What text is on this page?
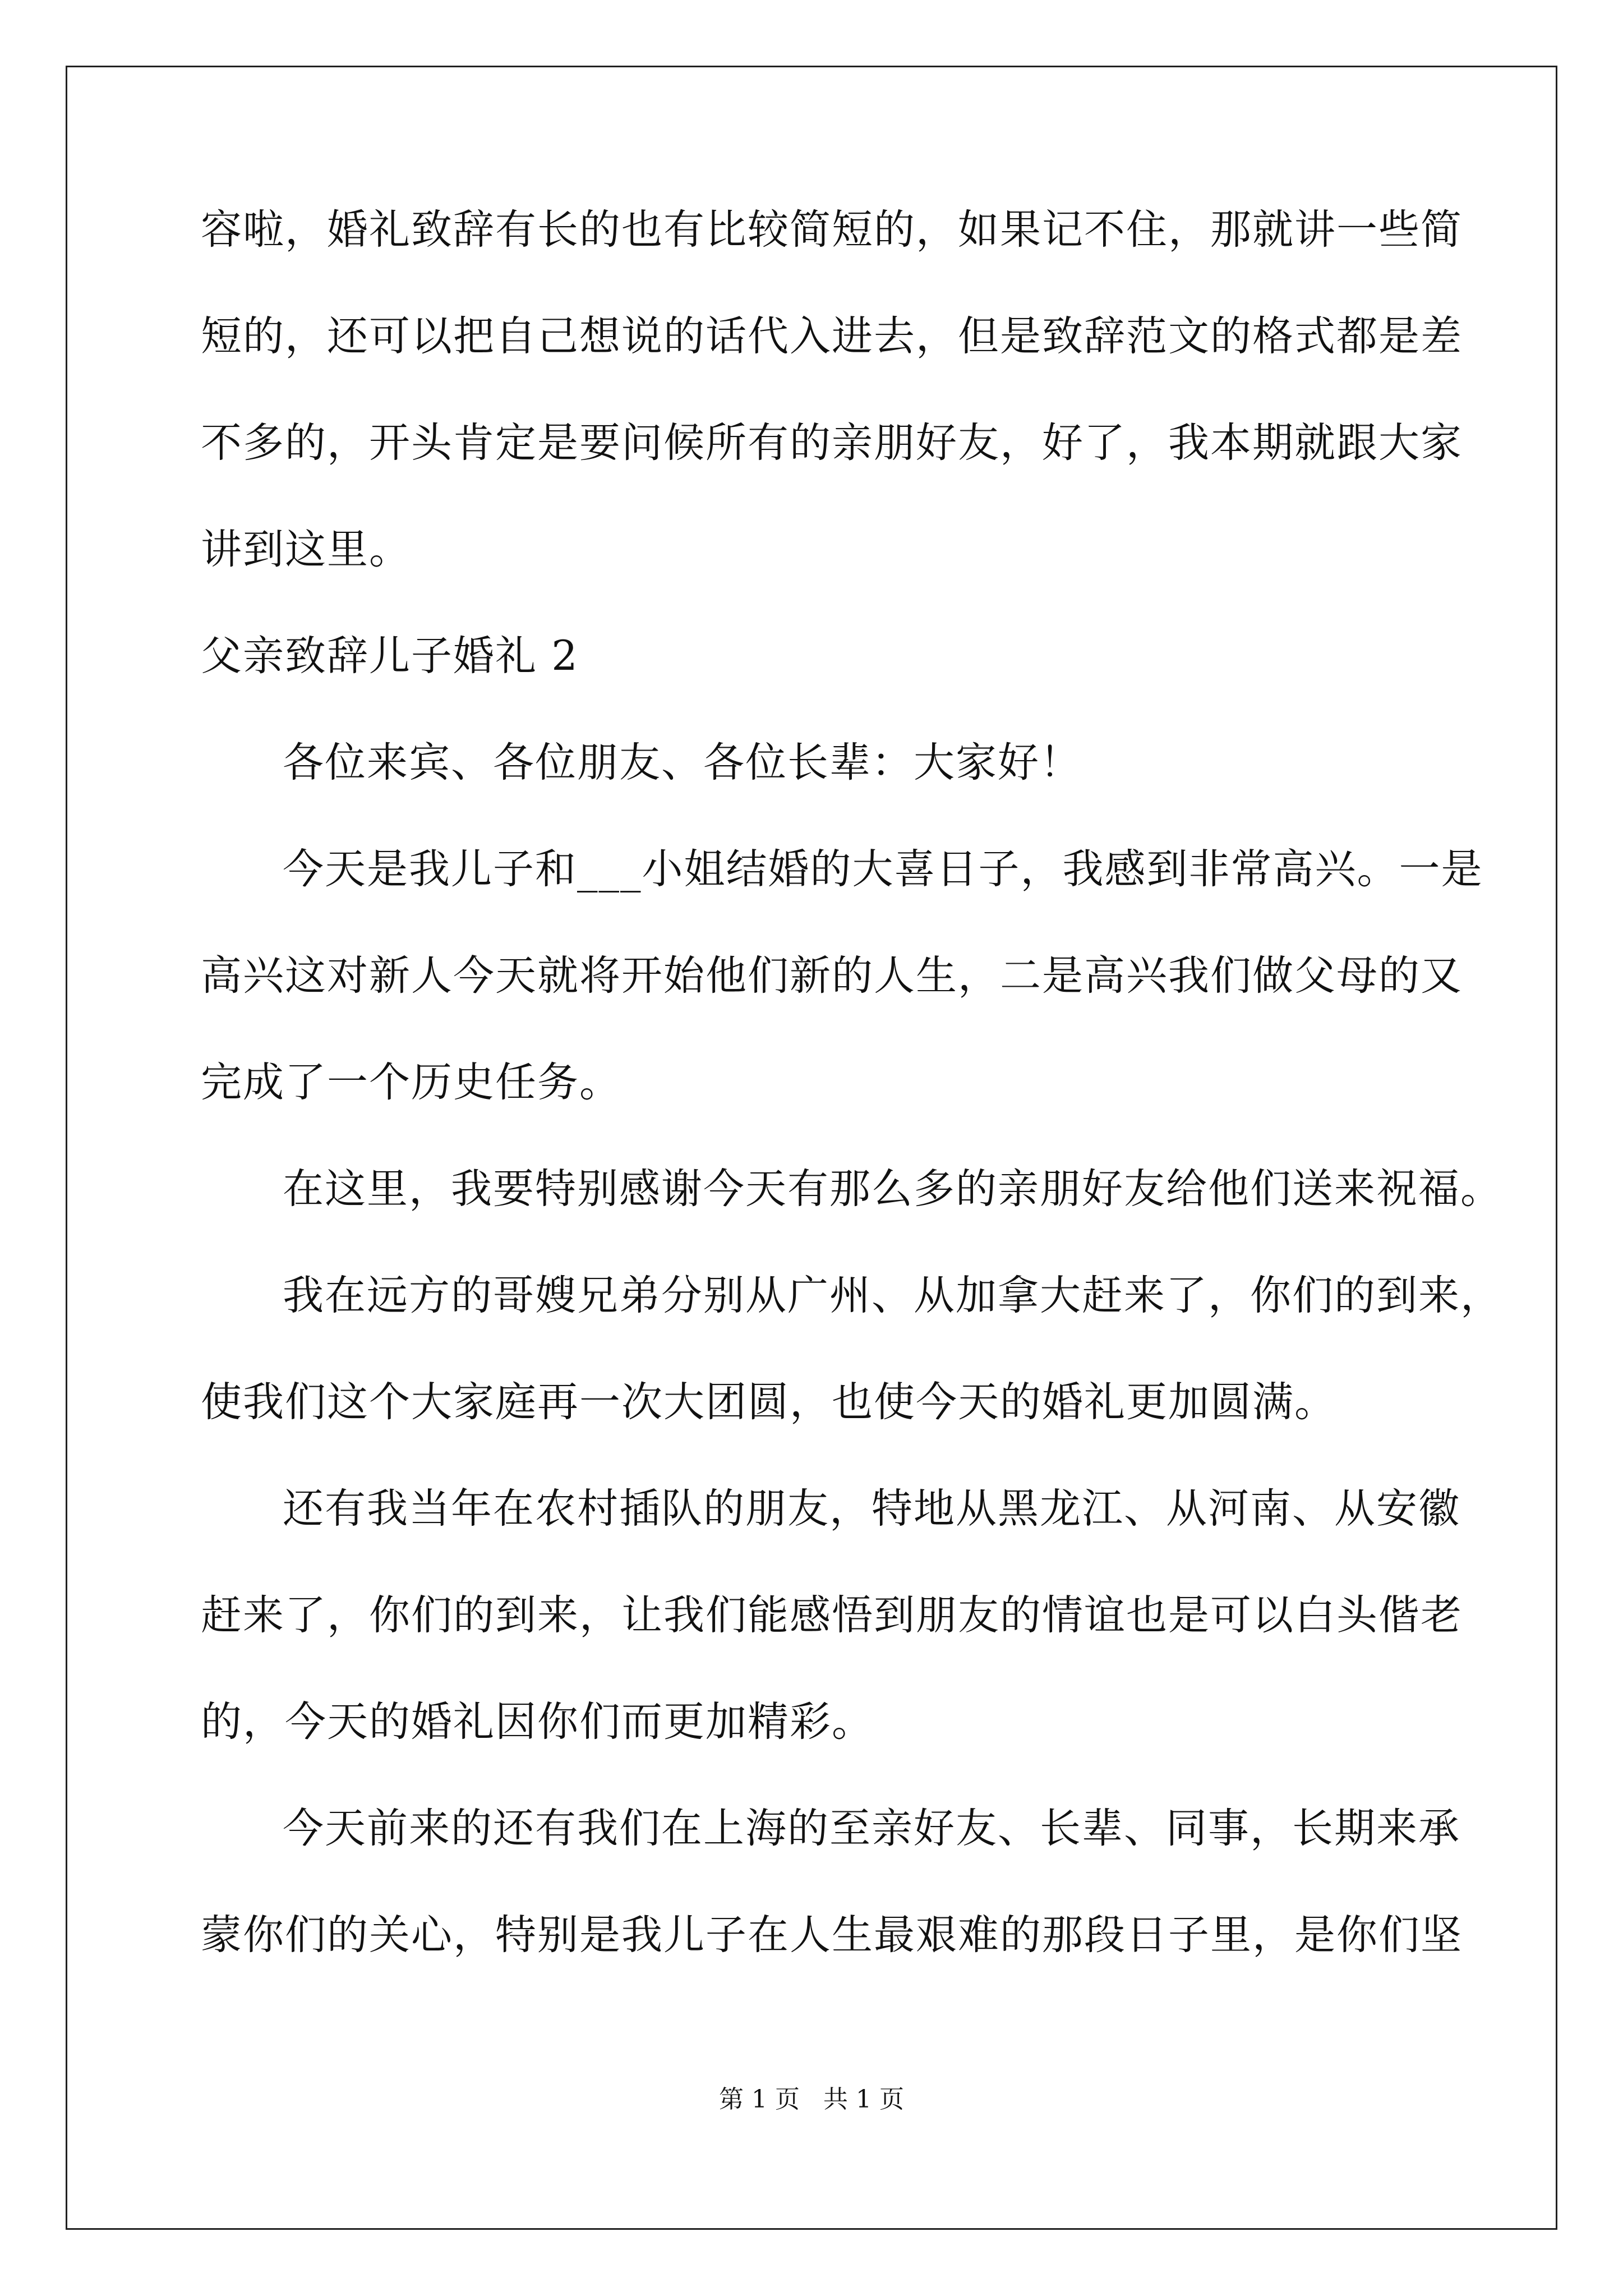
容啦，婚礼致辞有长的也有比较简短的，如果记不住，那就讲一些简
短的，还可以把自己想说的话代入进去，但是致辞范文的格式都是差
不多的，开头肯定是要问候所有的亲朋好友，好了，我本期就跟大家
讲到这里。
父亲致辞儿子婚礼 2
各位来宾、各位朋友、各位长辈：大家好！
今天是我儿子和___小姐结婚的大喜日子，我感到非常高兴。一是
高兴这对新人今天就将开始他们新的人生，二是高兴我们做父母的又
完成了一个历史任务。
在这里，我要特别感谢今天有那么多的亲朋好友给他们送来祝福。
我在远方的哥嫂兄弟分别从广州、从加拿大赶来了，你们的到来，
使我们这个大家庭再一次大团圆，也使今天的婚礼更加圆满。
还有我当年在农村插队的朋友，特地从黑龙江、从河南、从安徽
赶来了，你们的到来，让我们能感悟到朋友的情谊也是可以白头偕老
的，今天的婚礼因你们而更加精彩。
今天前来的还有我们在上海的至亲好友、长辈、同事，长期来承
蒙你们的关心，特别是我儿子在人生最艰难的那段日子里，是你们坚
第 1 页 共 1 页
